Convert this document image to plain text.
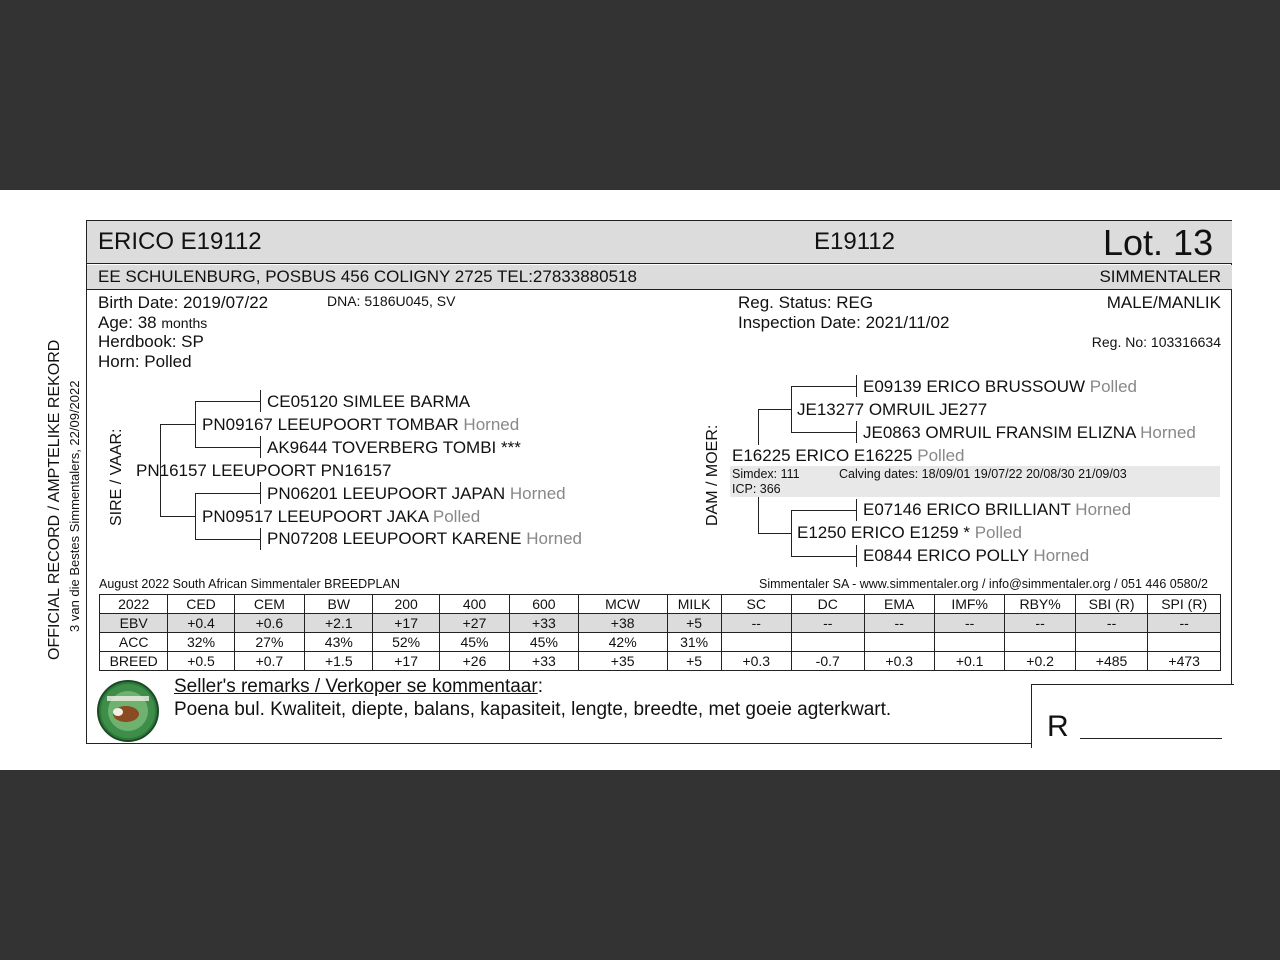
OFFICIAL RECORD / AMPTELIKE REKORD 3 van die Bestes Simmentalers, 22/09/2022
ERICO E19112	E19112	Lot. 13
EE SCHULENBURG, POSBUS 456 COLIGNY 2725 TEL:27833880518	SIMMENTALER
Birth Date: 2019/07/22	DNA: 5186U045, SV
Age: 38 months
Herdbook: SP
Horn: Polled
Reg. Status: REG
Inspection Date: 2021/11/02
MALE/MANLIK
Reg. No: 103316634
SIRE / VAAR:	DAM / MOER:
CE05120 SIMLEE BARMA
PN09167 LEEUPOORT TOMBAR Horned
AK9644 TOVERBERG TOMBI ***
PN16157 LEEUPOORT PN16157
PN06201 LEEUPOORT JAPAN Horned
PN09517 LEEUPOORT JAKA Polled
PN07208 LEEUPOORT KARENE Horned
E09139 ERICO BRUSSOUW Polled
JE13277 OMRUIL JE277
JE0863 OMRUIL FRANSIM ELIZNA Horned
E16225 ERICO E16225 Polled
Simdex: 111	Calving dates: 18/09/01 19/07/22 20/08/30 21/09/03
ICP: 366
E07146 ERICO BRILLIANT Horned
E1250 ERICO E1259 * Polled
E0844 ERICO POLLY Horned
August 2022 South African Simmentaler BREEDPLAN	Simmentaler SA - www.simmentaler.org / info@simmentaler.org / 051 446 0580/2
2022	CED	CEM	BW	200	400	600	MCW	MILK	SC	DC	EMA	IMF%	RBY%	SBI (R)	SPI (R)
EBV	+0.4	+0.6	+2.1	+17	+27	+33	+38	+5	--	--	--	--	--	--	--
ACC	32%	27%	43%	52%	45%	45%	42%	31%							
BREED	+0.5	+0.7	+1.5	+17	+26	+33	+35	+5	+0.3	-0.7	+0.3	+0.1	+0.2	+485	+473
Seller's remarks / Verkoper se kommentaar:
Poena bul. Kwaliteit, diepte, balans, kapasiteit, lengte, breedte, met goeie agterkwart.
R
